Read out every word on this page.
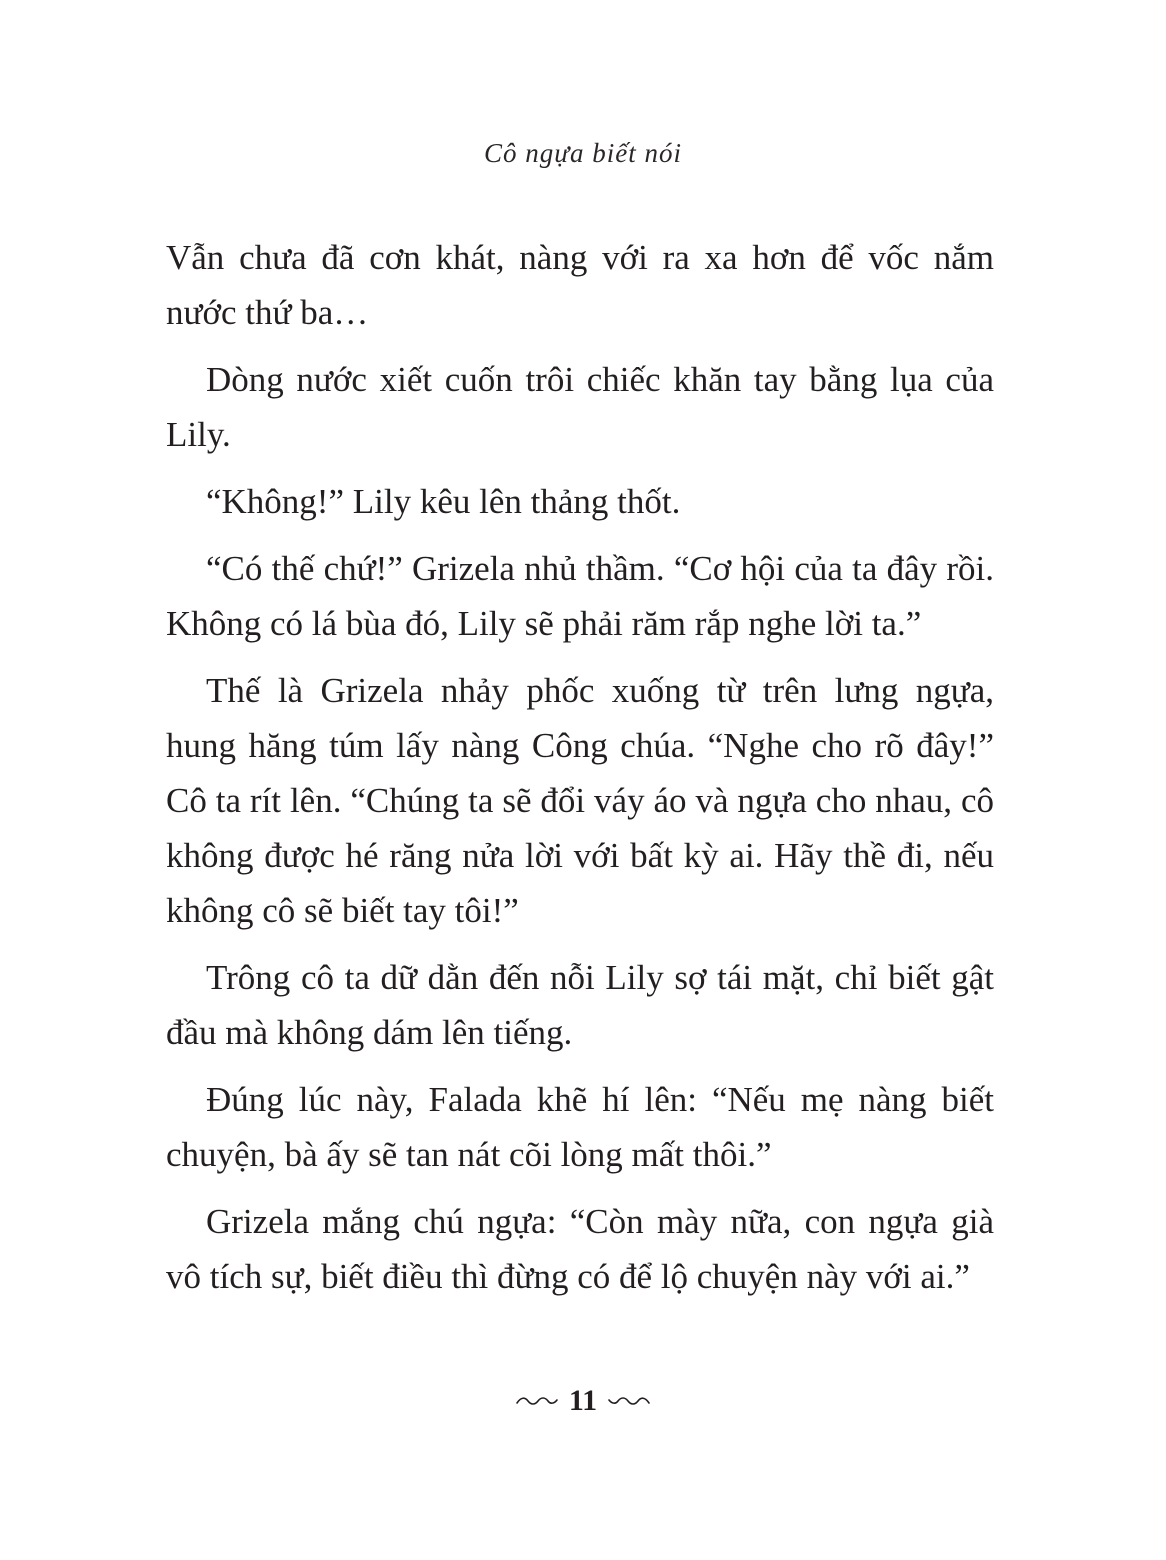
Cô ngựa biết nói

Vẫn chưa đã cơn khát, nàng với ra xa hơn để vốc nắm nước thứ ba…

Dòng nước xiết cuốn trôi chiếc khăn tay bằng lụa của Lily.

“Không!” Lily kêu lên thảng thốt.

“Có thế chứ!” Grizela nhủ thầm. “Cơ hội của ta đây rồi. Không có lá bùa đó, Lily sẽ phải răm rắp nghe lời ta.”

Thế là Grizela nhảy phốc xuống từ trên lưng ngựa, hung hăng túm lấy nàng Công chúa. “Nghe cho rõ đây!” Cô ta rít lên. “Chúng ta sẽ đổi váy áo và ngựa cho nhau, cô không được hé răng nửa lời với bất kỳ ai. Hãy thề đi, nếu không cô sẽ biết tay tôi!”

Trông cô ta dữ dằn đến nỗi Lily sợ tái mặt, chỉ biết gật đầu mà không dám lên tiếng.

Đúng lúc này, Falada khẽ hí lên: “Nếu mẹ nàng biết chuyện, bà ấy sẽ tan nát cõi lòng mất thôi.”

Grizela mắng chú ngựa: “Còn mày nữa, con ngựa già vô tích sự, biết điều thì đừng có để lộ chuyện này với ai.”

11
